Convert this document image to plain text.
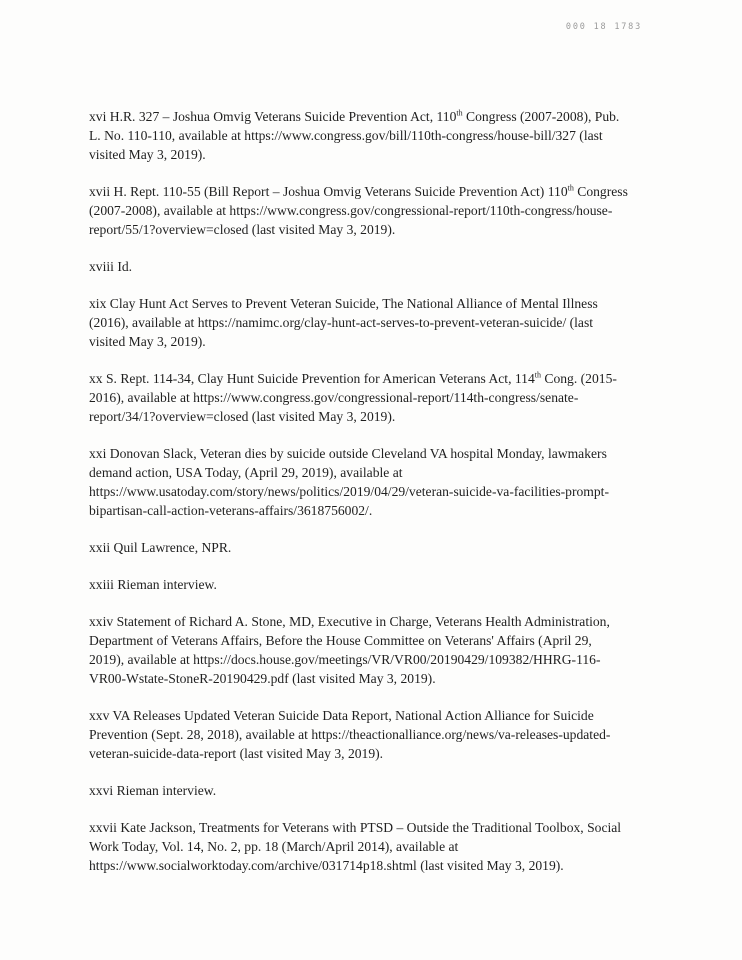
000 18 1783

xvi H.R. 327 – Joshua Omvig Veterans Suicide Prevention Act, 110th Congress (2007-2008), Pub. L. No. 110-110, available at https://www.congress.gov/bill/110th-congress/house-bill/327 (last visited May 3, 2019).

xvii H. Rept. 110-55 (Bill Report – Joshua Omvig Veterans Suicide Prevention Act) 110th Congress (2007-2008), available at https://www.congress.gov/congressional-report/110th-congress/house-report/55/1?overview=closed (last visited May 3, 2019).

xviii Id.

xix Clay Hunt Act Serves to Prevent Veteran Suicide, The National Alliance of Mental Illness (2016), available at https://namimc.org/clay-hunt-act-serves-to-prevent-veteran-suicide/ (last visited May 3, 2019).

xx S. Rept. 114-34, Clay Hunt Suicide Prevention for American Veterans Act, 114th Cong. (2015-2016), available at https://www.congress.gov/congressional-report/114th-congress/senate-report/34/1?overview=closed (last visited May 3, 2019).

xxi Donovan Slack, Veteran dies by suicide outside Cleveland VA hospital Monday, lawmakers demand action, USA Today, (April 29, 2019), available at https://www.usatoday.com/story/news/politics/2019/04/29/veteran-suicide-va-facilities-prompt-bipartisan-call-action-veterans-affairs/3618756002/.

xxii Quil Lawrence, NPR.

xxiii Rieman interview.

xxiv Statement of Richard A. Stone, MD, Executive in Charge, Veterans Health Administration, Department of Veterans Affairs, Before the House Committee on Veterans' Affairs (April 29, 2019), available at https://docs.house.gov/meetings/VR/VR00/20190429/109382/HHRG-116-VR00-Wstate-StoneR-20190429.pdf (last visited May 3, 2019).

xxv VA Releases Updated Veteran Suicide Data Report, National Action Alliance for Suicide Prevention (Sept. 28, 2018), available at https://theactionalliance.org/news/va-releases-updated-veteran-suicide-data-report (last visited May 3, 2019).

xxvi Rieman interview.

xxvii Kate Jackson, Treatments for Veterans with PTSD – Outside the Traditional Toolbox, Social Work Today, Vol. 14, No. 2, pp. 18 (March/April 2014), available at https://www.socialworktoday.com/archive/031714p18.shtml (last visited May 3, 2019).
